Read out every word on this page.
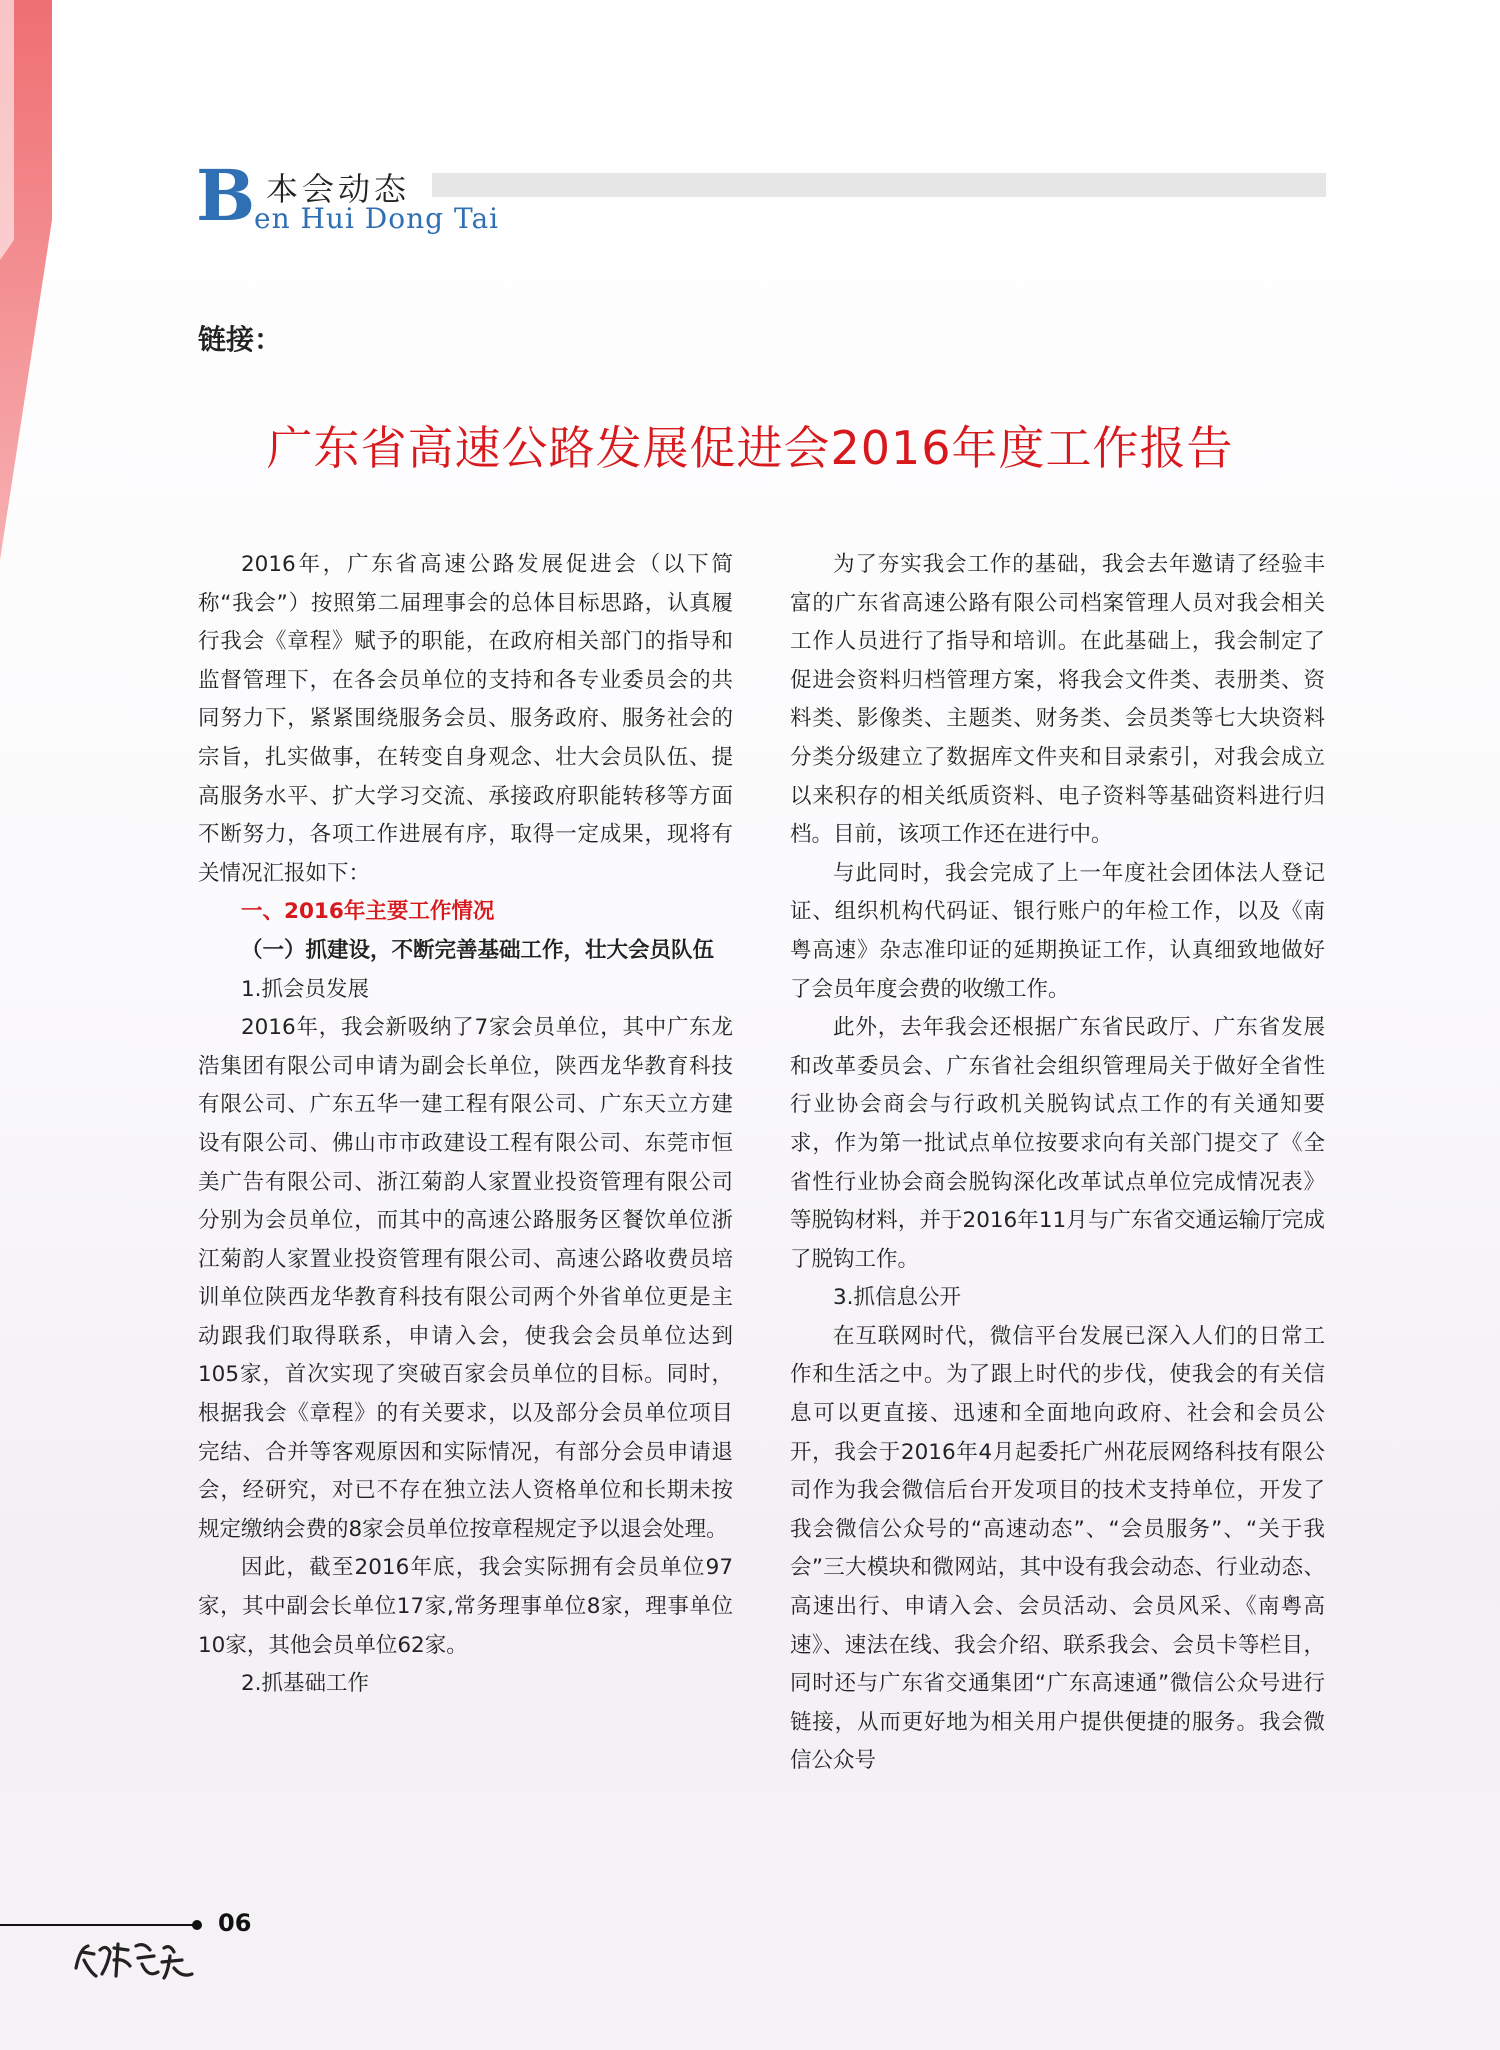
B 本会动态
en Hui Dong Tai
链接：
广东省高速公路发展促进会2016年度工作报告

2016年，广东省高速公路发展促进会（以下简称“我会”）按照第二届理事会的总体目标思路，认真履行我会《章程》赋予的职能，在政府相关部门的指导和监督管理下，在各会员单位的支持和各专业委员会的共同努力下，紧紧围绕服务会员、服务政府、服务社会的宗旨，扎实做事，在转变自身观念、壮大会员队伍、提高服务水平、扩大学习交流、承接政府职能转移等方面不断努力，各项工作进展有序，取得一定成果，现将有关情况汇报如下：

一、2016年主要工作情况

（一）抓建设，不断完善基础工作，壮大会员队伍

1.抓会员发展

2016年，我会新吸纳了7家会员单位，其中广东龙浩集团有限公司申请为副会长单位，陕西龙华教育科技有限公司、广东五华一建工程有限公司、广东天立方建设有限公司、佛山市市政建设工程有限公司、东莞市恒美广告有限公司、浙江菊韵人家置业投资管理有限公司分别为会员单位，而其中的高速公路服务区餐饮单位浙江菊韵人家置业投资管理有限公司、高速公路收费员培训单位陕西龙华教育科技有限公司两个外省单位更是主动跟我们取得联系，申请入会，使我会会员单位达到105家，首次实现了突破百家会员单位的目标。同时，根据我会《章程》的有关要求，以及部分会员单位项目完结、合并等客观原因和实际情况，有部分会员申请退会，经研究，对已不存在独立法人资格单位和长期未按规定缴纳会费的8家会员单位按章程规定予以退会处理。

因此，截至2016年底，我会实际拥有会员单位97家，其中副会长单位17家,常务理事单位8家，理事单位10家，其他会员单位62家。

2.抓基础工作

为了夯实我会工作的基础，我会去年邀请了经验丰富的广东省高速公路有限公司档案管理人员对我会相关工作人员进行了指导和培训。在此基础上，我会制定了促进会资料归档管理方案，将我会文件类、表册类、资料类、影像类、主题类、财务类、会员类等七大块资料分类分级建立了数据库文件夹和目录索引，对我会成立以来积存的相关纸质资料、电子资料等基础资料进行归档。目前，该项工作还在进行中。

与此同时，我会完成了上一年度社会团体法人登记证、组织机构代码证、银行账户的年检工作，以及《南粤高速》杂志准印证的延期换证工作，认真细致地做好了会员年度会费的收缴工作。

此外，去年我会还根据广东省民政厅、广东省发展和改革委员会、广东省社会组织管理局关于做好全省性行业协会商会与行政机关脱钩试点工作的有关通知要求，作为第一批试点单位按要求向有关部门提交了《全省性行业协会商会脱钩深化改革试点单位完成情况表》等脱钩材料，并于2016年11月与广东省交通运输厅完成了脱钩工作。

3.抓信息公开

在互联网时代，微信平台发展已深入人们的日常工作和生活之中。为了跟上时代的步伐，使我会的有关信息可以更直接、迅速和全面地向政府、社会和会员公开，我会于2016年4月起委托广州花辰网络科技有限公司作为我会微信后台开发项目的技术支持单位，开发了我会微信公众号的“高速动态”、“会员服务”、“关于我会”三大模块和微网站，其中设有我会动态、行业动态、高速出行、申请入会、会员活动、会员风采、《南粤高速》、速法在线、我会介绍、联系我会、会员卡等栏目，同时还与广东省交通集团“广东高速通”微信公众号进行链接，从而更好地为相关用户提供便捷的服务。我会微信公众号

06
